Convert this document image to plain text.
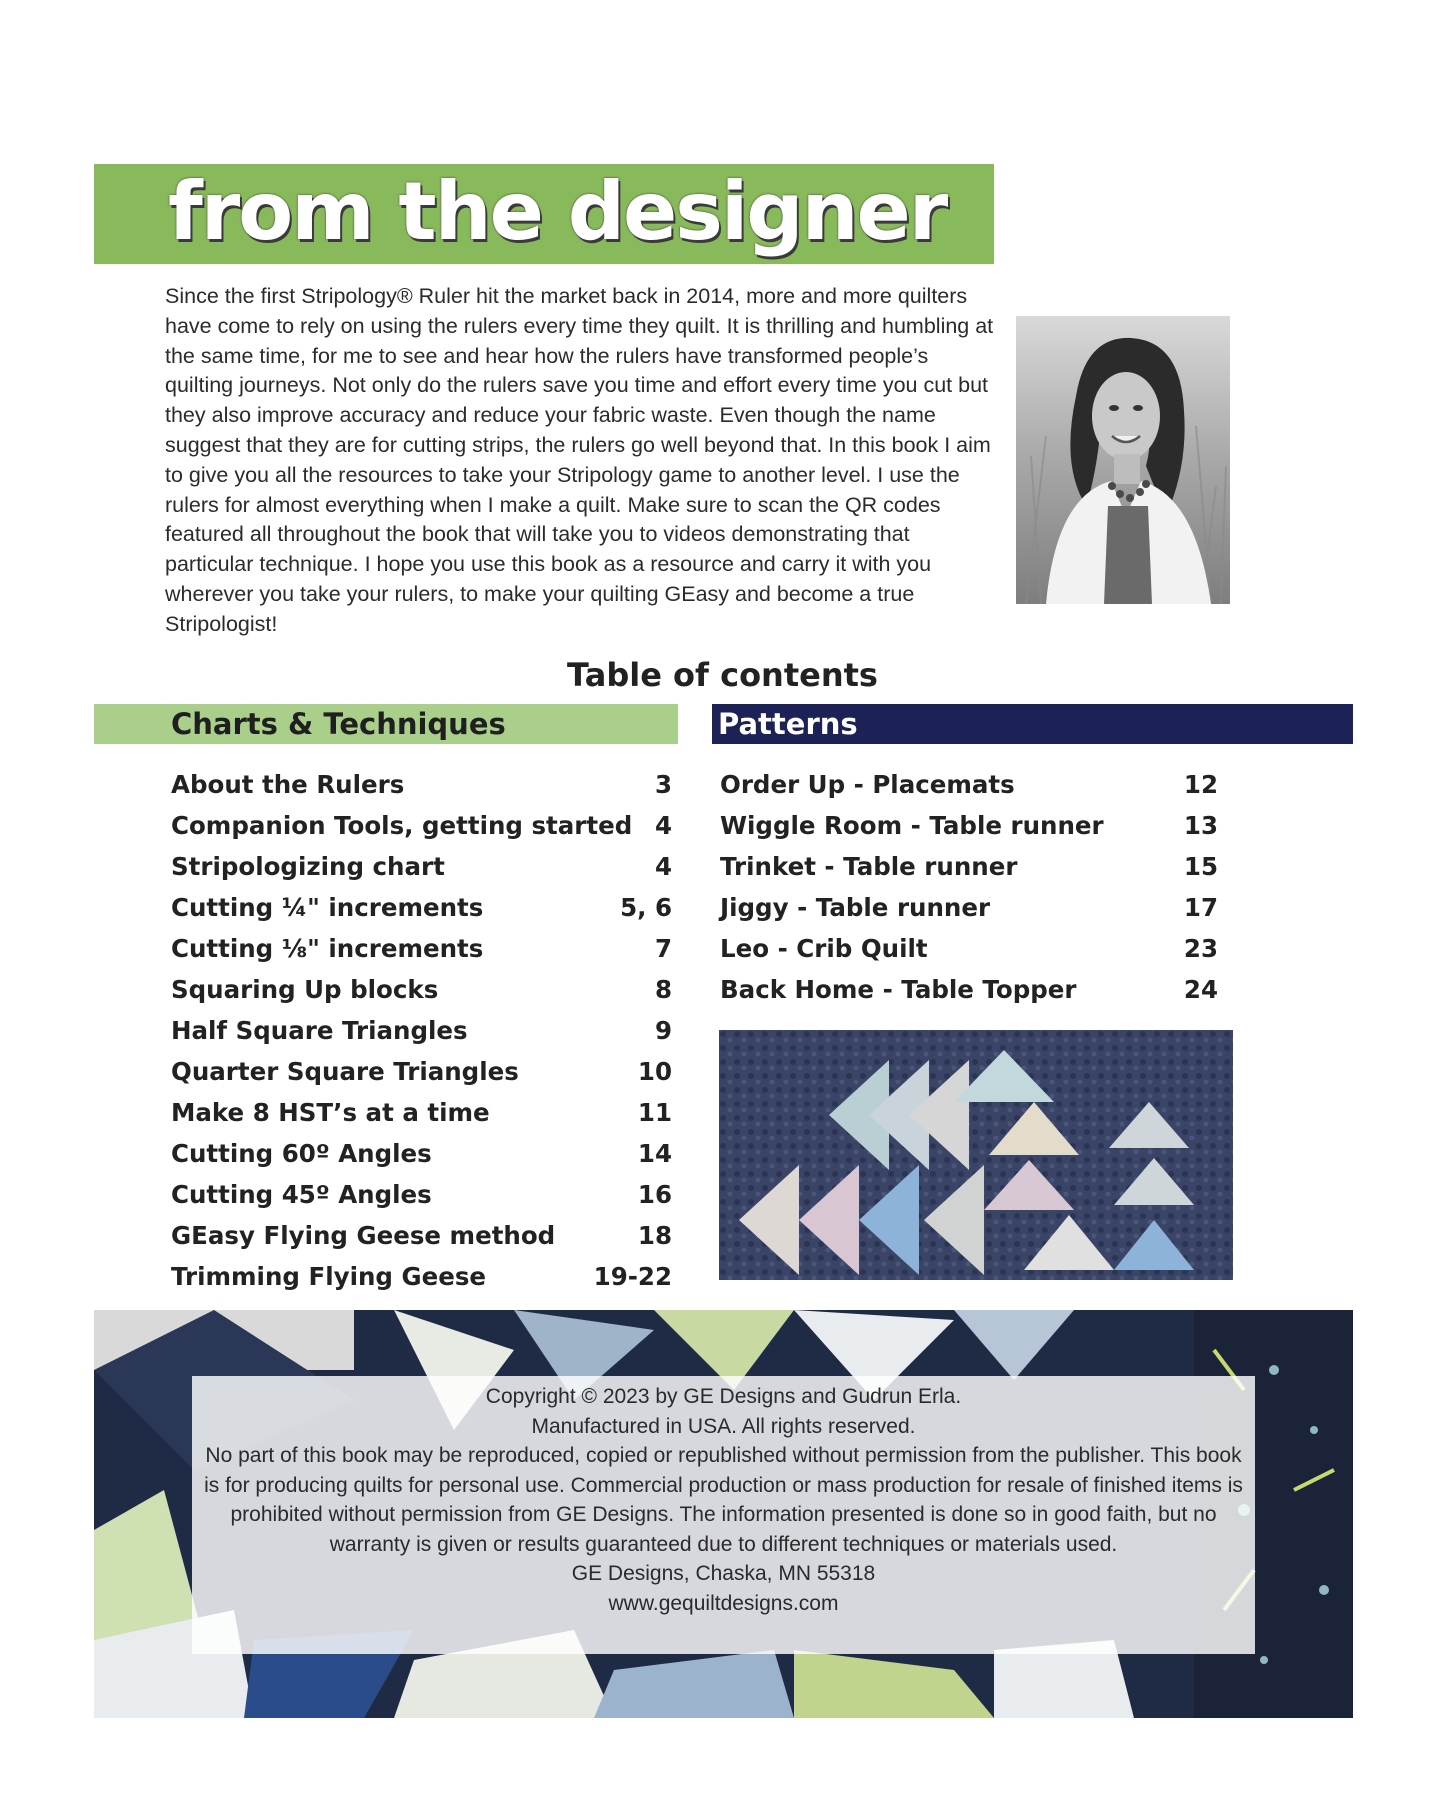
from the designer
Since the first Stripology® Ruler hit the market back in 2014, more and more quilters have come to rely on using the rulers every time they quilt. It is thrilling and humbling at the same time, for me to see and hear how the rulers have transformed people’s quilting journeys. Not only do the rulers save you time and effort every time you cut but they also improve accuracy and reduce your fabric waste. Even though the name suggest that they are for cutting strips, the rulers go well beyond that. In this book I aim to give you all the resources to take your Stripology game to another level. I use the rulers for almost everything when I make a quilt. Make sure to scan the QR codes featured all throughout the book that will take you to videos demonstrating that particular technique. I hope you use this book as a resource and carry it with you wherever you take your rulers, to make your quilting GEasy and become a true Stripologist!
Table of contents
Charts & Techniques	Patterns
About the Rulers	3
Companion Tools, getting started 4
Stripologizing chart	4
Cutting ¼" increments	5, 6
Cutting ⅛" increments	7
Squaring Up blocks	8
Half Square Triangles	9
Quarter Square Triangles	10
Make 8 HST’s at a time	11
Cutting 60º Angles	14
Cutting 45º Angles	16
GEasy Flying Geese method	18
Trimming Flying Geese	19-22
Order Up - Placemats	12
Wiggle Room - Table runner	13
Trinket - Table runner	15
Jiggy - Table runner	17
Leo - Crib Quilt	23
Back Home - Table Topper	24
Copyright © 2023 by GE Designs and Gudrun Erla.
Manufactured in USA. All rights reserved.
No part of this book may be reproduced, copied or republished without permission from the publisher. This book is for producing quilts for personal use. Commercial production or mass production for resale of finished items is prohibited without permission from GE Designs. The information presented is done so in good faith, but no warranty is given or results guaranteed due to different techniques or materials used.
GE Designs, Chaska, MN 55318
www.gequiltdesigns.com
